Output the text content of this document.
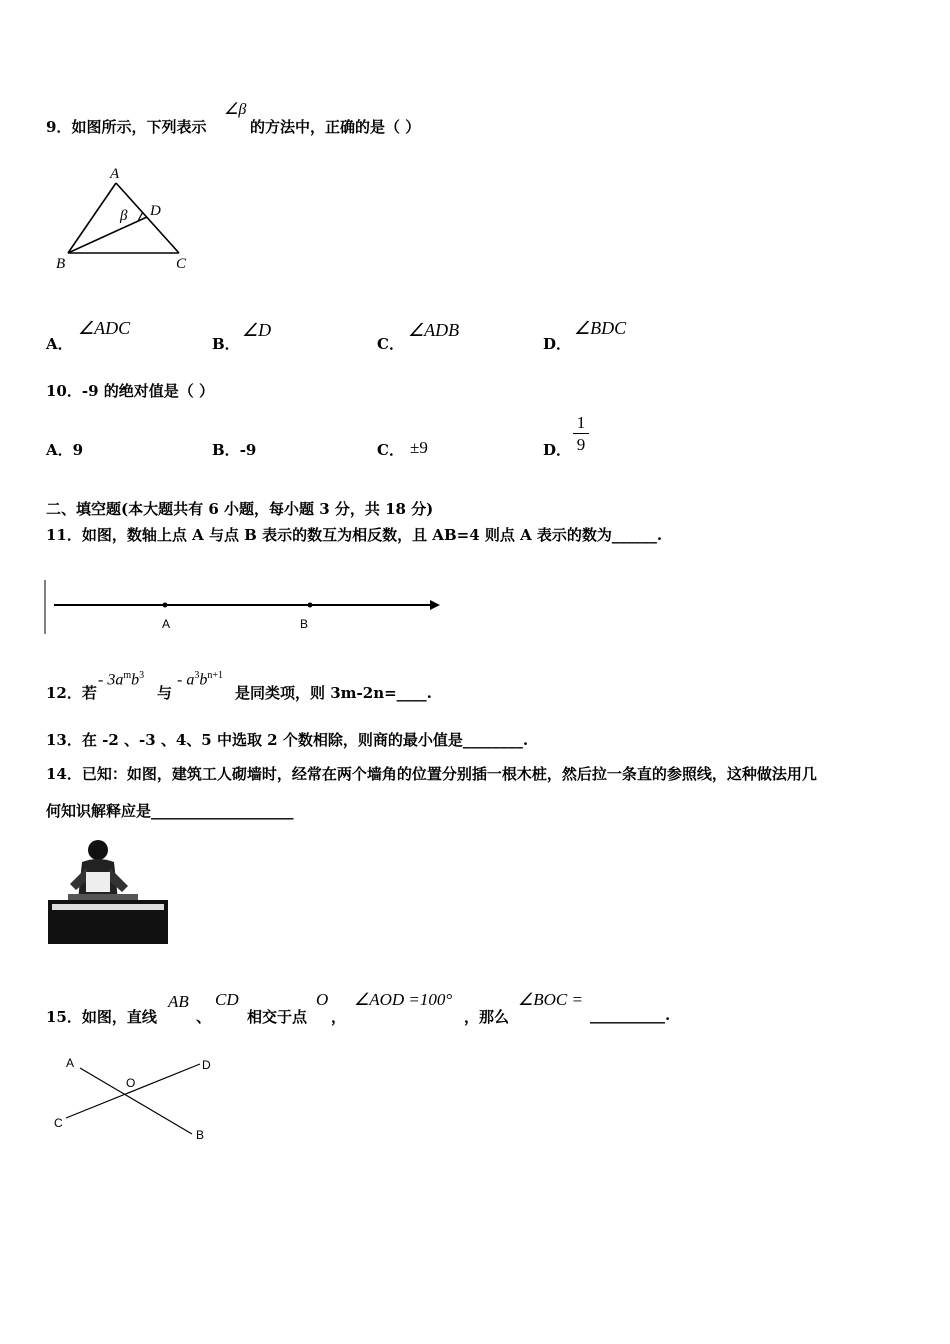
9．如图所示，下列表示
∠β
的方法中，正确的是（ ）
A
B	C
D
β
A．
∠ADC
B．
∠D
C．
∠ADB
D．
∠BDC
10．-9 的绝对值是（ ）
A．9	B．-9	C． ±9	D．
1
9
二、填空题(本大题共有 6 小题，每小题 3 分，共 18 分)
11．如图，数轴上点 A 与点 B 表示的数互为相反数，且 AB=4 则点 A 表示的数为______.
A	B
12．若
- $3a^mb^3$
与
- $a^3b^{n+1}$
是同类项，则 3m-2n=____.
13．在 -2 、-3 、4、5 中选取 2 个数相除，则商的最小值是________.
14．已知：如图，建筑工人砌墙时，经常在两个墙角的位置分别插一根木桩，然后拉一条直的参照线，这种做法用几
何知识解释应是___________________
15．如图，直线
AB
、
CD
相交于点
O
，
∠AOD =100°
，那么
∠BOC =
__________.
A
B
C
D
O
